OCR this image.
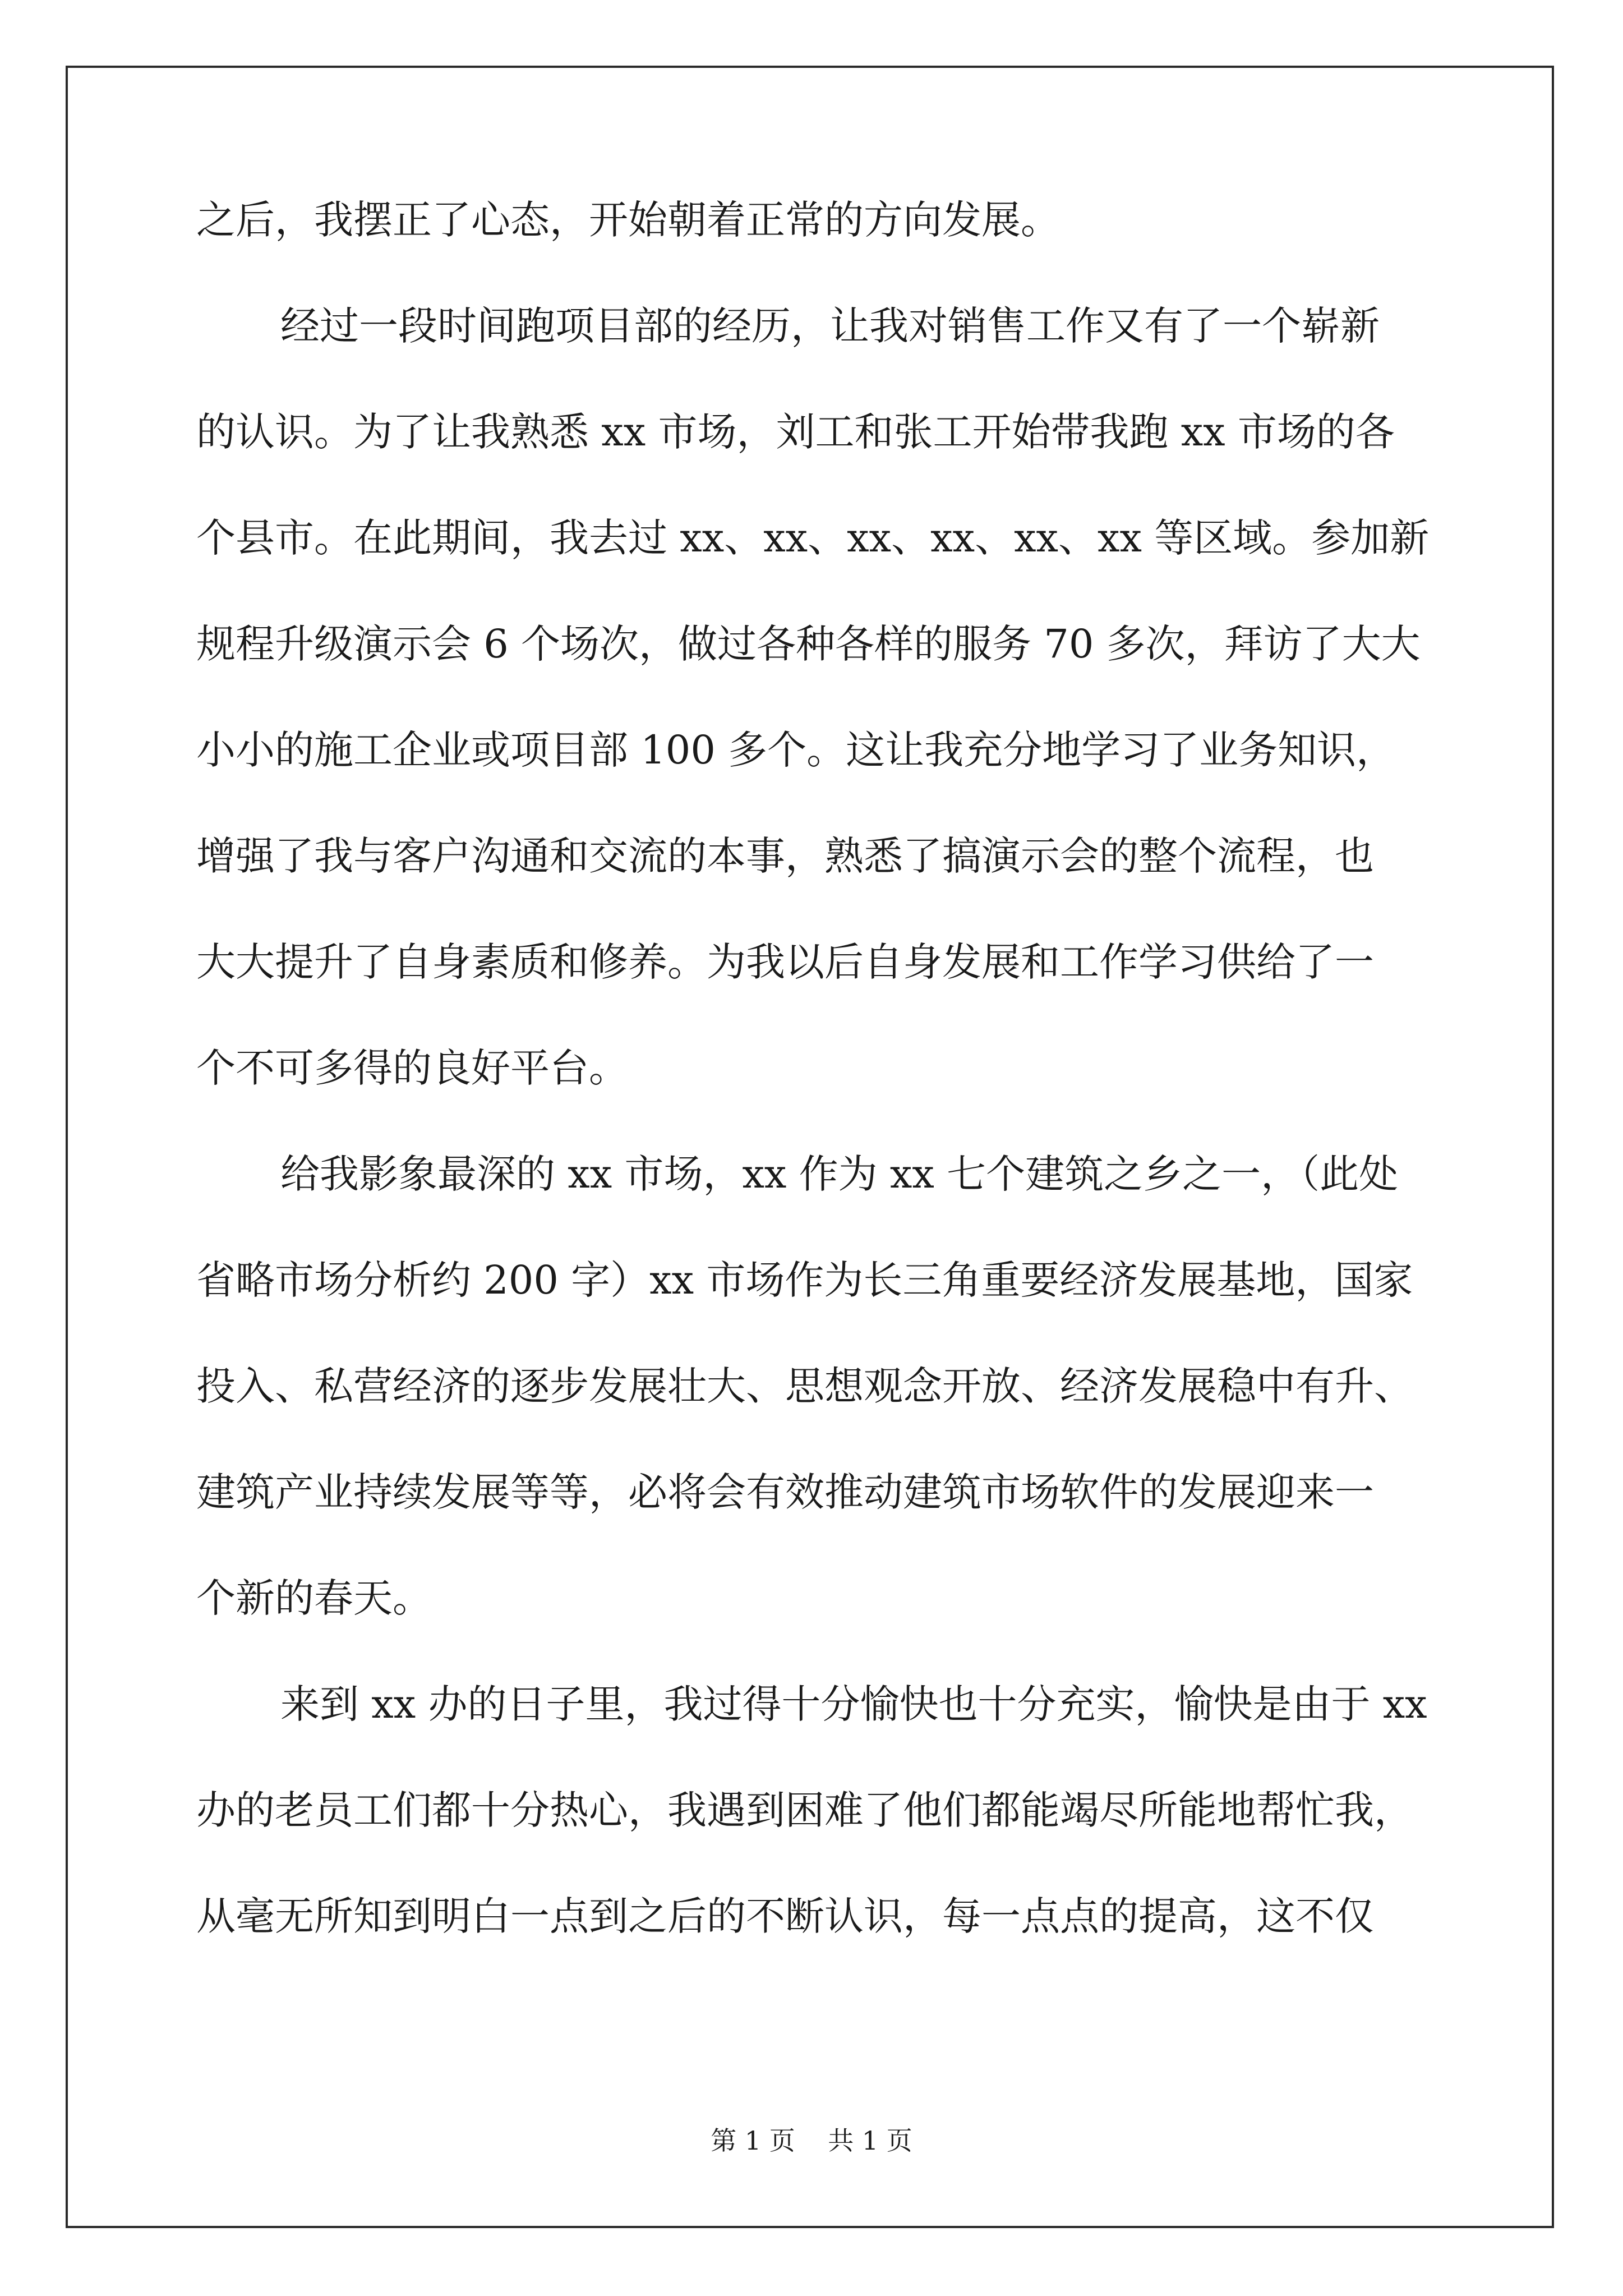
之后，我摆正了心态，开始朝着正常的方向发展。
经过一段时间跑项目部的经历，让我对销售工作又有了一个崭新
的认识。为了让我熟悉 xx 市场，刘工和张工开始带我跑 xx 市场的各
个县市。在此期间，我去过 xx、xx、xx、xx、xx、xx 等区域。参加新
规程升级演示会 6 个场次，做过各种各样的服务 70 多次，拜访了大大
小小的施工企业或项目部 100 多个。这让我充分地学习了业务知识，
增强了我与客户沟通和交流的本事，熟悉了搞演示会的整个流程，也
大大提升了自身素质和修养。为我以后自身发展和工作学习供给了一
个不可多得的良好平台。
给我影象最深的 xx 市场，xx 作为 xx 七个建筑之乡之一，（此处
省略市场分析约 200 字）xx 市场作为长三角重要经济发展基地，国家
投入、私营经济的逐步发展壮大、思想观念开放、经济发展稳中有升、
建筑产业持续发展等等，必将会有效推动建筑市场软件的发展迎来一
个新的春天。
来到 xx 办的日子里，我过得十分愉快也十分充实，愉快是由于 xx
办的老员工们都十分热心，我遇到困难了他们都能竭尽所能地帮忙我，
从毫无所知到明白一点到之后的不断认识，每一点点的提高，这不仅
第 1 页 共 1 页
